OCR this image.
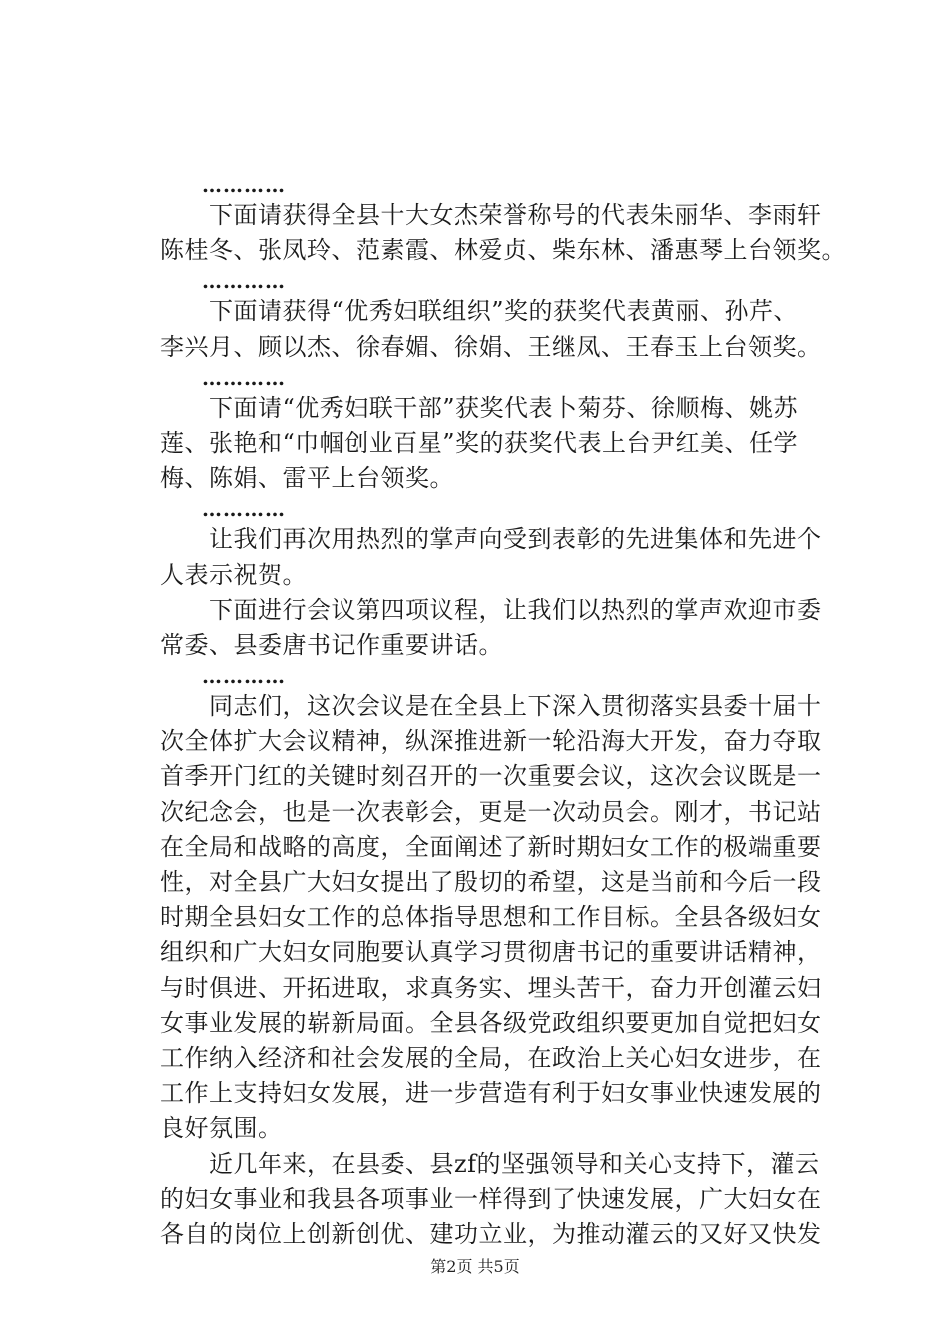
　　…………
　　下面请获得全县十大女杰荣誉称号的代表朱丽华、李雨轩
陈桂冬、张凤玲、范素霞、林爱贞、柴东林、潘惠琴上台领奖。
　　…………
　　下面请获得“优秀妇联组织”奖的获奖代表黄丽、孙芹、
李兴月、顾以杰、徐春媚、徐娟、王继凤、王春玉上台领奖。
　　…………
　　下面请“优秀妇联干部”获奖代表卜菊芬、徐顺梅、姚苏
莲、张艳和“巾帼创业百星”奖的获奖代表上台尹红美、任学
梅、陈娟、雷平上台领奖。
　　…………
　　让我们再次用热烈的掌声向受到表彰的先进集体和先进个
人表示祝贺。
　　下面进行会议第四项议程，让我们以热烈的掌声欢迎市委
常委、县委唐书记作重要讲话。
　　…………
　　同志们，这次会议是在全县上下深入贯彻落实县委十届十
次全体扩大会议精神，纵深推进新一轮沿海大开发，奋力夺取
首季开门红的关键时刻召开的一次重要会议，这次会议既是一
次纪念会，也是一次表彰会，更是一次动员会。刚才，书记站
在全局和战略的高度，全面阐述了新时期妇女工作的极端重要
性，对全县广大妇女提出了殷切的希望，这是当前和今后一段
时期全县妇女工作的总体指导思想和工作目标。全县各级妇女
组织和广大妇女同胞要认真学习贯彻唐书记的重要讲话精神，
与时俱进、开拓进取，求真务实、埋头苦干，奋力开创灌云妇
女事业发展的崭新局面。全县各级党政组织要更加自觉把妇女
工作纳入经济和社会发展的全局，在政治上关心妇女进步，在
工作上支持妇女发展，进一步营造有利于妇女事业快速发展的
良好氛围。
　　近几年来，在县委、县zf的坚强领导和关心支持下，灌云
的妇女事业和我县各项事业一样得到了快速发展，广大妇女在
各自的岗位上创新创优、建功立业，为推动灌云的又好又快发
第2页 共5页
